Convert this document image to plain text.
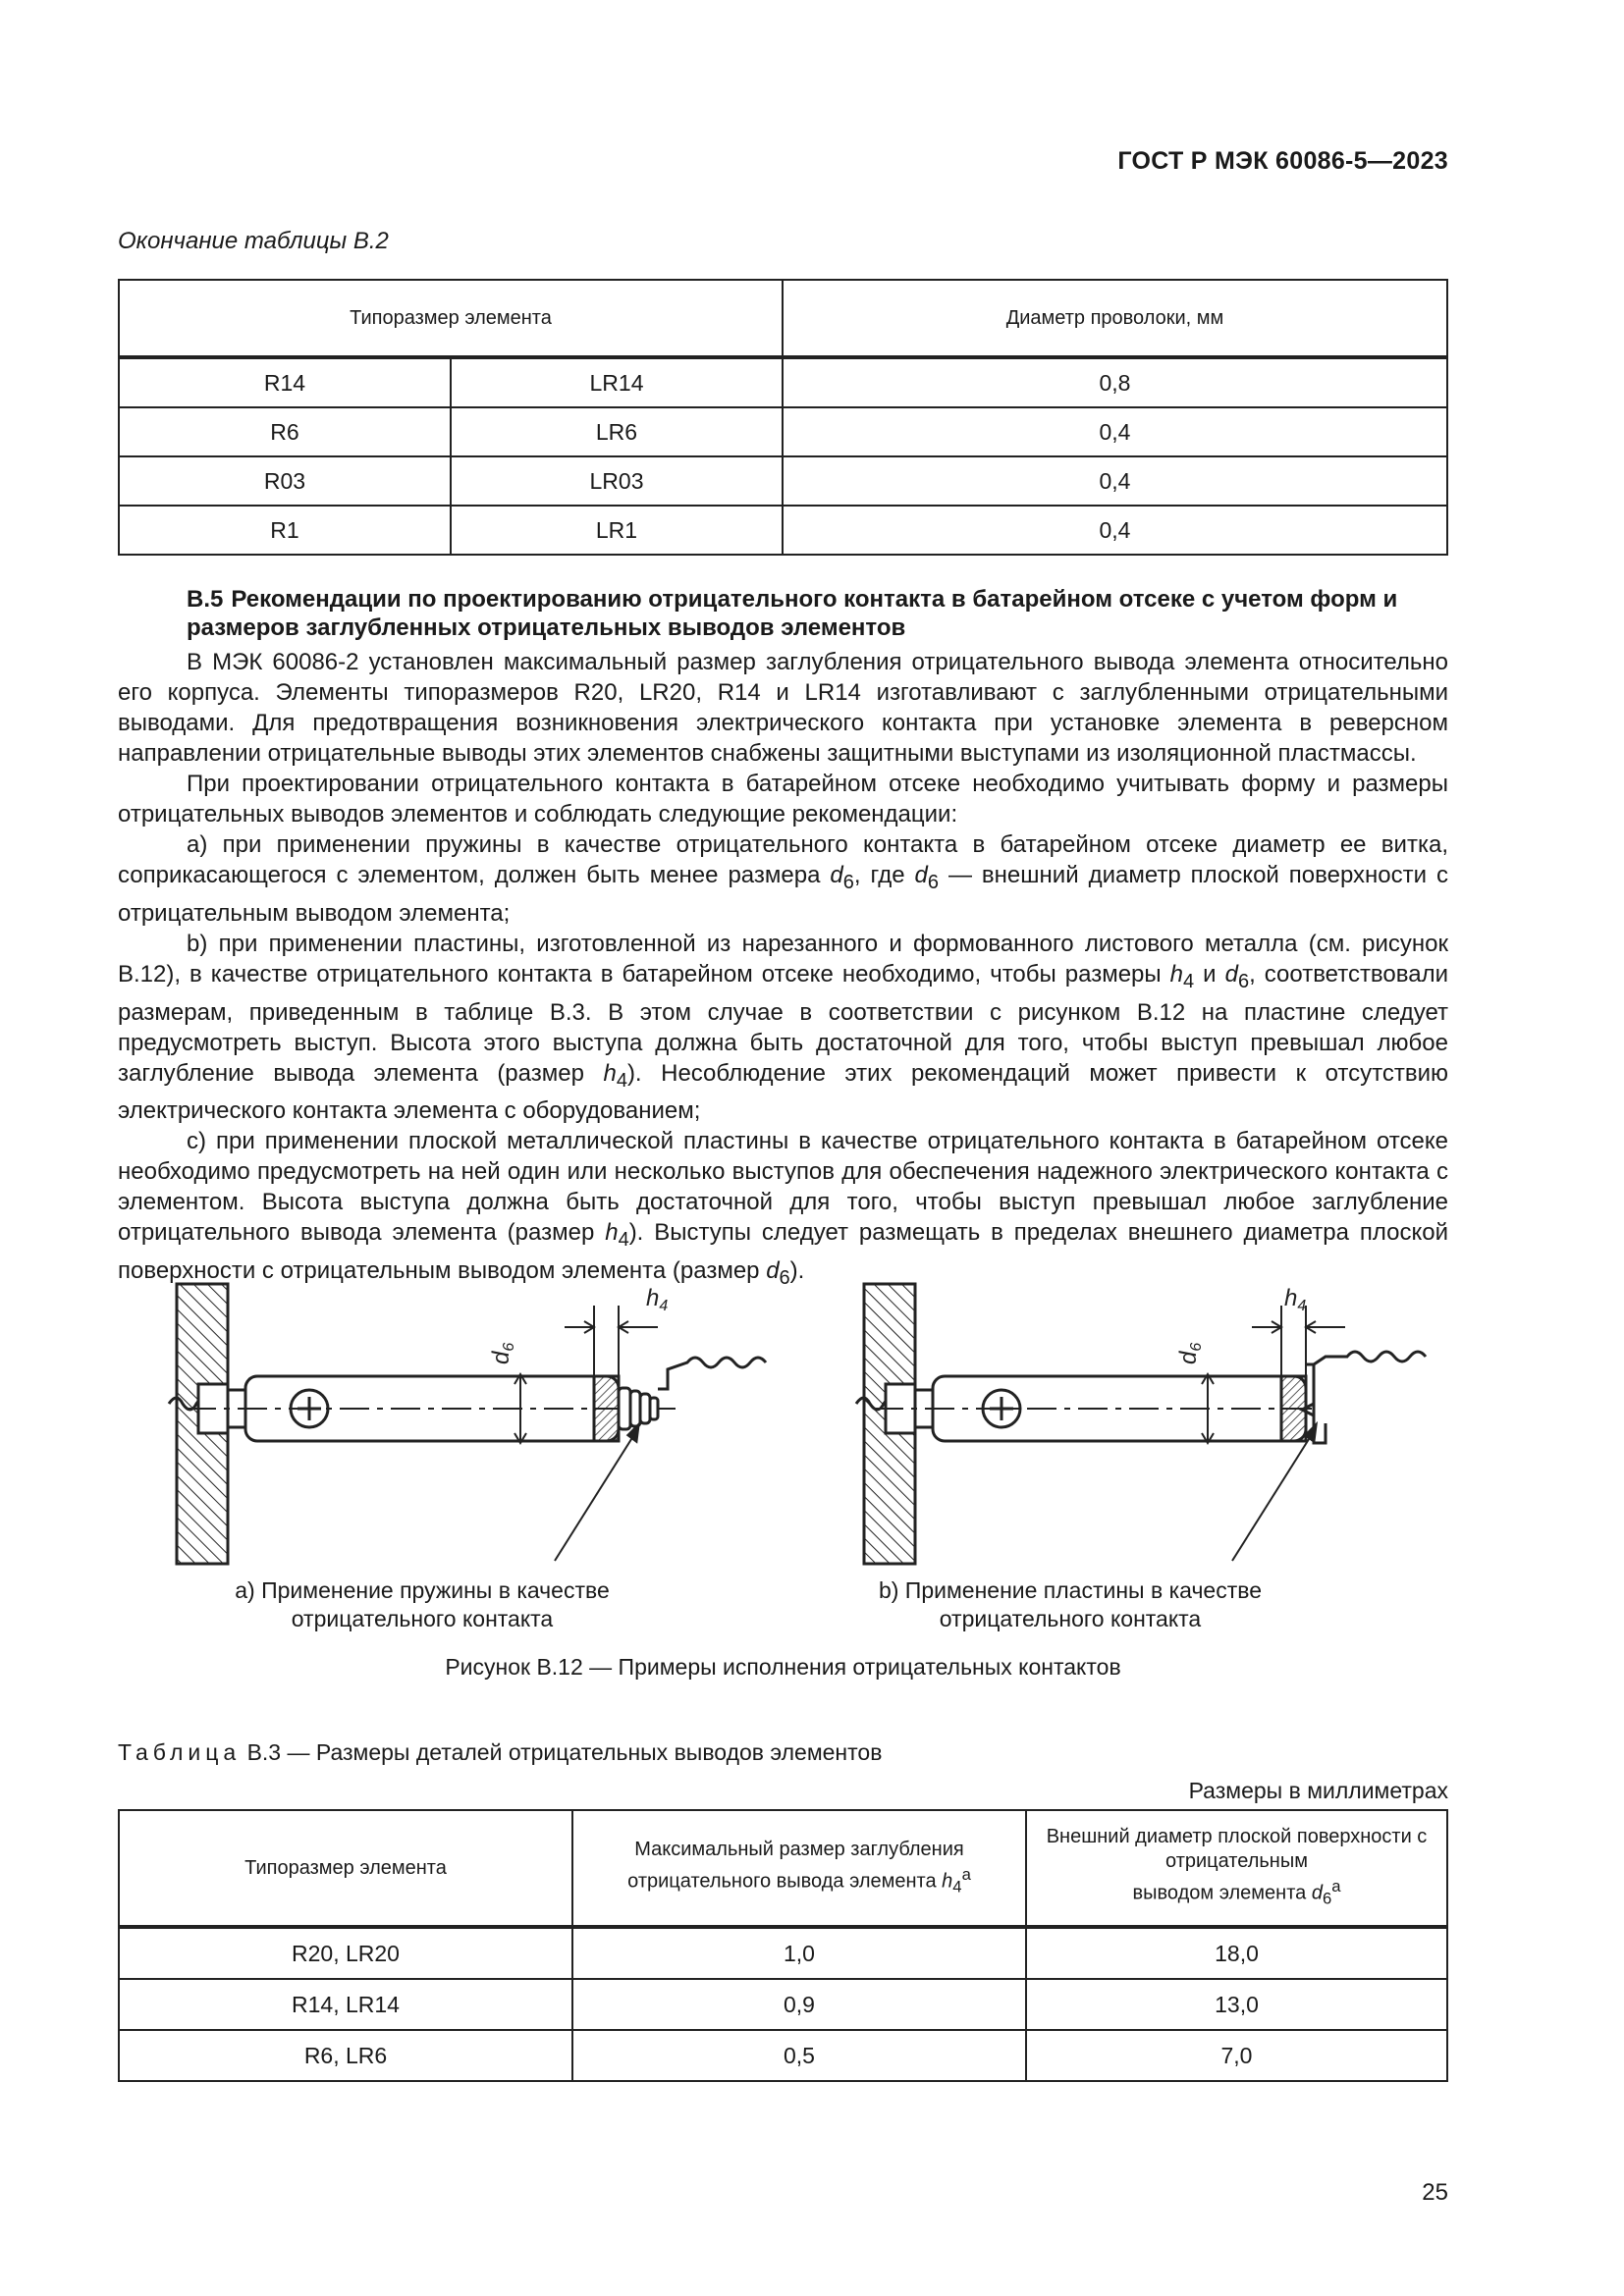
ГОСТ Р МЭК 60086-5—2023
Окончание таблицы В.2
Типоразмер элемента		Диаметр проволоки, мм
R14	LR14	0,8
R6	LR6	0,4
R03	LR03	0,4
R1	LR1	0,4
В.5 Рекомендации по проектированию отрицательного контакта в батарейном отсеке с учетом форм и размеров заглубленных отрицательных выводов элементов

В МЭК 60086-2 установлен максимальный размер заглубления отрицательного вывода элемента относительно его корпуса. Элементы типоразмеров R20, LR20, R14 и LR14 изготавливают с заглубленными отрицательными выводами. Для предотвращения возникновения электрического контакта при установке элемента в реверсном направлении отрицательные выводы этих элементов снабжены защитными выступами из изоляционной пластмассы.

При проектировании отрицательного контакта в батарейном отсеке необходимо учитывать форму и размеры отрицательных выводов элементов и соблюдать следующие рекомендации:

a) при применении пружины в качестве отрицательного контакта в батарейном отсеке диаметр ее витка, соприкасающегося с элементом, должен быть менее размера $d_6$, где $d_6$ — внешний диаметр плоской поверхности с отрицательным выводом элемента;

b) при применении пластины, изготовленной из нарезанного и формованного листового металла (см. рисунок В.12), в качестве отрицательного контакта в батарейном отсеке необходимо, чтобы размеры $h_4$ и $d_6$, соответствовали размерам, приведенным в таблице В.3. В этом случае в соответствии с рисунком В.12 на пластине следует предусмотреть выступ. Высота этого выступа должна быть достаточной для того, чтобы выступ превышал любое заглубление вывода элемента (размер $h_4$). Несоблюдение этих рекомендаций может привести к отсутствию электрического контакта элемента с оборудованием;

c) при применении плоской металлической пластины в качестве отрицательного контакта в батарейном отсеке необходимо предусмотреть на ней один или несколько выступов для обеспечения надежного электрического контакта с элементом. Высота выступа должна быть достаточной для того, чтобы выступ превышал любое заглубление отрицательного вывода элемента (размер $h_4$). Выступы следует размещать в пределах внешнего диаметра плоской поверхности с отрицательным выводом элемента (размер $d_6$).

$d_6$
$h_4$
$d_6$
$h_4$
a) Применение пружины в качестве отрицательного контакта
b) Применение пластины в качестве отрицательного контакта
Рисунок В.12 — Примеры исполнения отрицательных контактов
Таблица В.3 — Размеры деталей отрицательных выводов элементов
Размеры в миллиметрах
Типоразмер элемента	Максимальный размер заглубления отрицательного вывода элемента $h_4^a$	Внешний диаметр плоской поверхности с отрицательным
выводом элемента $d_6^a$
R20, LR20	1,0	18,0
R14, LR14	0,9	13,0
R6, LR6	0,5	7,0
25
